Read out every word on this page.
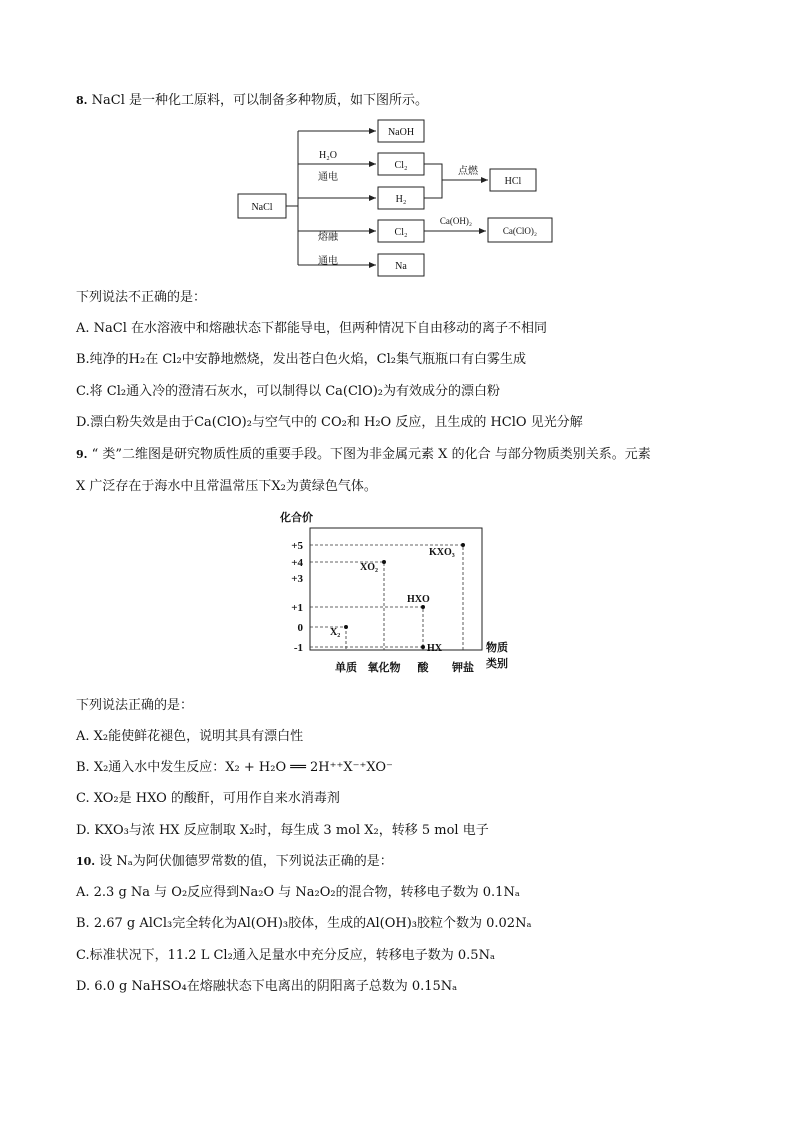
8. NaCl 是一种化工原料，可以制备多种物质，如下图所示。
NaCl
NaOH
Cl₂
H₂
HCl
Cl₂	Ca(ClO)₂
Na
H₂O
通电
熔融
通电
点燃
Ca(OH)₂
下列说法不正确的是：
A. NaCl 在水溶液中和熔融状态下都能导电，但两种情况下自由移动的离子不相同
B.纯净的H₂在 Cl₂中安静地燃烧，发出苍白色火焰，Cl₂集气瓶瓶口有白雾生成
C.将 Cl₂通入冷的澄清石灰水，可以制得以 Ca(ClO)₂为有效成分的漂白粉
D.漂白粉失效是由于Ca(ClO)₂与空气中的 CO₂和 H₂O 反应，且生成的 HClO 见光分解
9. “ 类”二维图是研究物质性质的重要手段。下图为非金属元素 X 的化合 与部分物质类别关系。元素
X 广泛存在于海水中且常温常压下X₂为黄绿色气体。
化合价
物质
类别
+5
+4
+3
+1
0
-1
X₂
XO₂
HXO
HX
KXO₃
单质 氧化物 酸 钾盐
下列说法正确的是：
A. X₂能使鲜花褪色，说明其具有漂白性
B. X₂通入水中发生反应：X₂ + H₂O ══ 2H⁺⁺X⁻⁺XO⁻
C. XO₂是 HXO 的酸酐，可用作自来水消毒剂
D. KXO₃与浓 HX 反应制取 X₂时，每生成 3 mol X₂，转移 5 mol 电子
10. 设 Nₐ为阿伏伽德罗常数的值，下列说法正确的是：
A. 2.3 g Na 与 O₂反应得到Na₂O 与 Na₂O₂的混合物，转移电子数为 0.1Nₐ
B. 2.67 g AlCl₃完全转化为Al(OH)₃胶体，生成的Al(OH)₃胶粒个数为 0.02Nₐ
C.标准状况下，11.2 L Cl₂通入足量水中充分反应，转移电子数为 0.5Nₐ
D. 6.0 g NaHSO₄在熔融状态下电离出的阴阳离子总数为 0.15Nₐ
